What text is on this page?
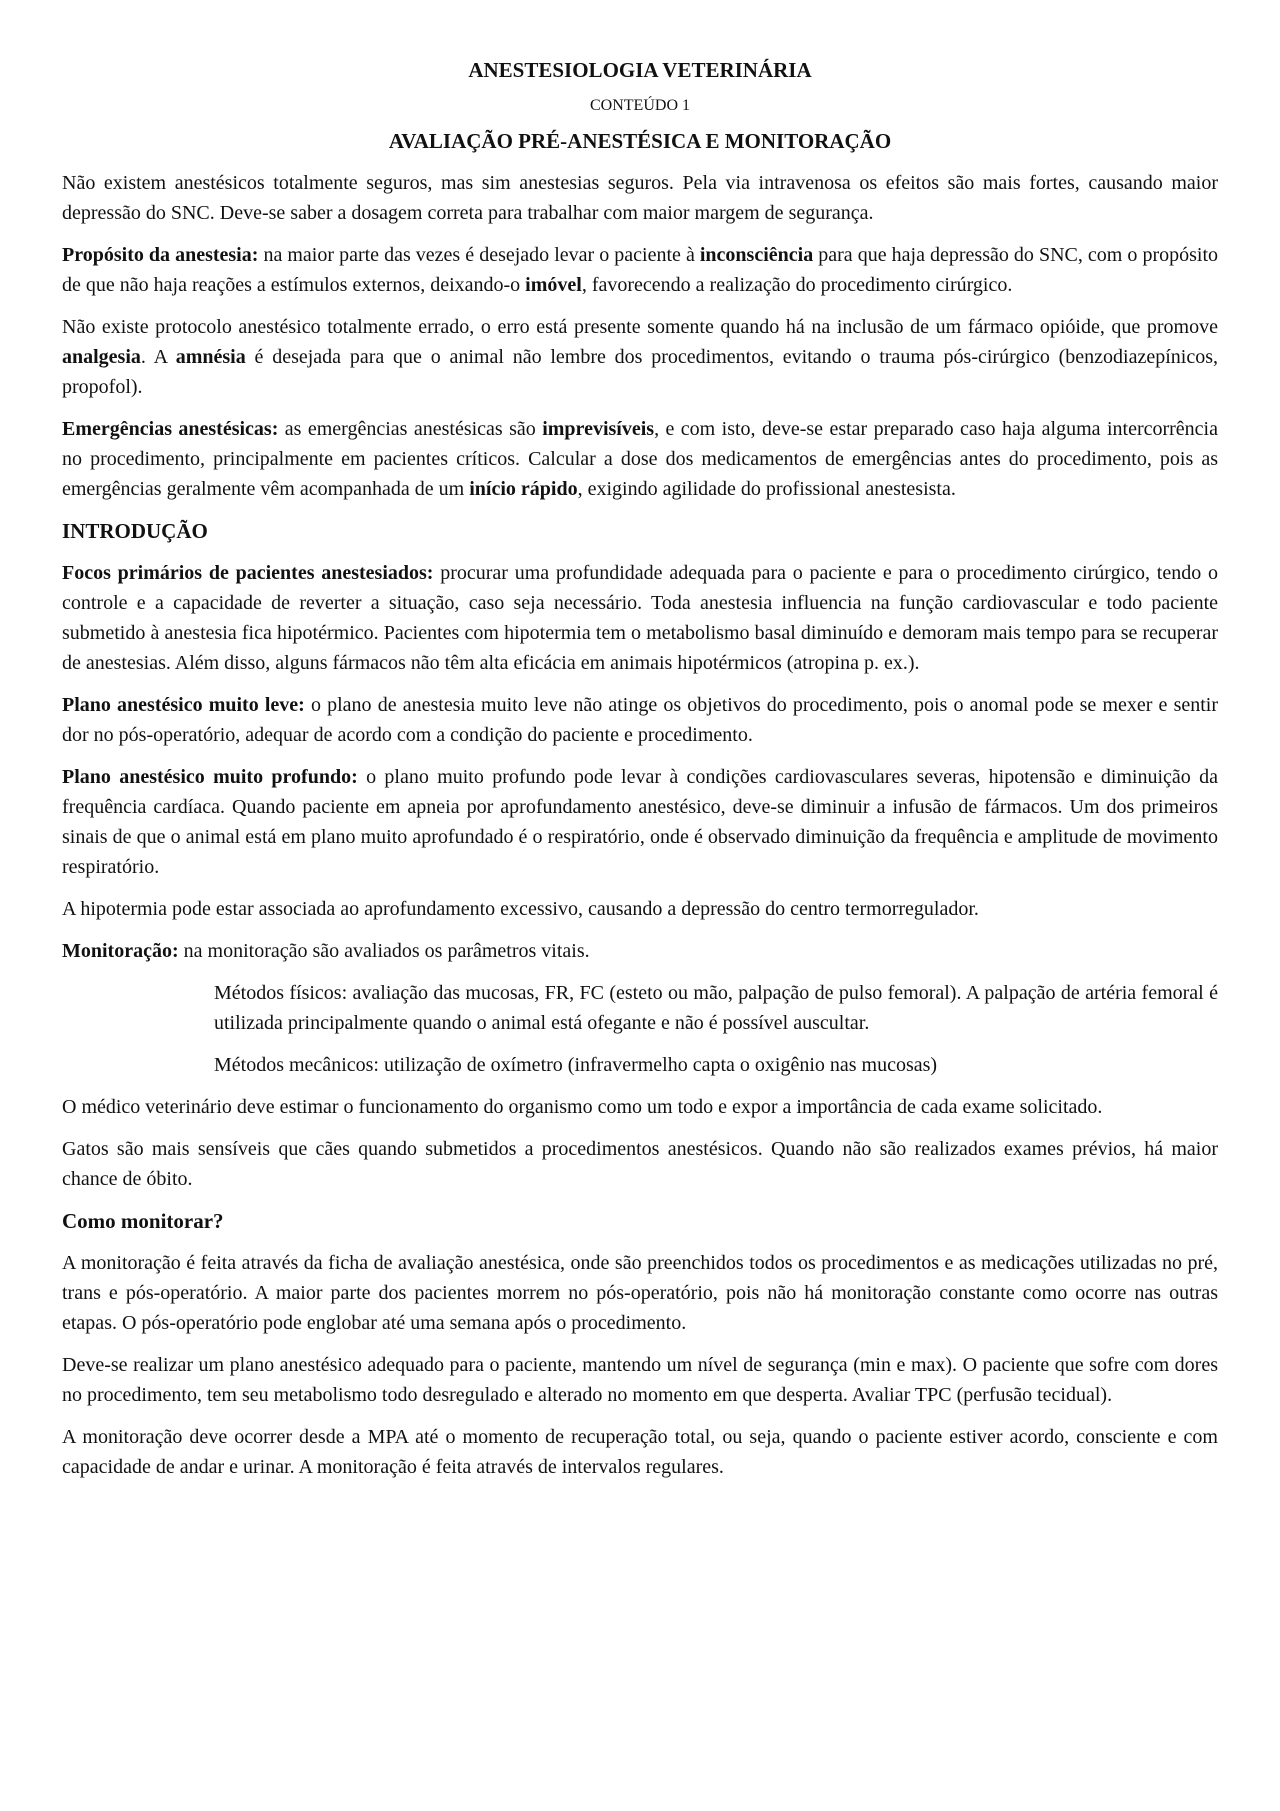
ANESTESIOLOGIA VETERINÁRIA
CONTEÚDO 1
AVALIAÇÃO PRÉ-ANESTÉSICA E MONITORAÇÃO

Não existem anestésicos totalmente seguros, mas sim anestesias seguros. Pela via intravenosa os efeitos são mais fortes, causando maior depressão do SNC. Deve-se saber a dosagem correta para trabalhar com maior margem de segurança.

Propósito da anestesia: na maior parte das vezes é desejado levar o paciente à inconsciência para que haja depressão do SNC, com o propósito de que não haja reações a estímulos externos, deixando-o imóvel, favorecendo a realização do procedimento cirúrgico.

Não existe protocolo anestésico totalmente errado, o erro está presente somente quando há na inclusão de um fármaco opióide, que promove analgesia. A amnésia é desejada para que o animal não lembre dos procedimentos, evitando o trauma pós-cirúrgico (benzodiazepínicos, propofol).

Emergências anestésicas: as emergências anestésicas são imprevisíveis, e com isto, deve-se estar preparado caso haja alguma intercorrência no procedimento, principalmente em pacientes críticos. Calcular a dose dos medicamentos de emergências antes do procedimento, pois as emergências geralmente vêm acompanhada de um início rápido, exigindo agilidade do profissional anestesista.

INTRODUÇÃO

Focos primários de pacientes anestesiados: procurar uma profundidade adequada para o paciente e para o procedimento cirúrgico, tendo o controle e a capacidade de reverter a situação, caso seja necessário. Toda anestesia influencia na função cardiovascular e todo paciente submetido à anestesia fica hipotérmico. Pacientes com hipotermia tem o metabolismo basal diminuído e demoram mais tempo para se recuperar de anestesias. Além disso, alguns fármacos não têm alta eficácia em animais hipotérmicos (atropina p. ex.).

Plano anestésico muito leve: o plano de anestesia muito leve não atinge os objetivos do procedimento, pois o anomal pode se mexer e sentir dor no pós-operatório, adequar de acordo com a condição do paciente e procedimento.

Plano anestésico muito profundo: o plano muito profundo pode levar à condições cardiovasculares severas, hipotensão e diminuição da frequência cardíaca. Quando paciente em apneia por aprofundamento anestésico, deve-se diminuir a infusão de fármacos. Um dos primeiros sinais de que o animal está em plano muito aprofundado é o respiratório, onde é observado diminuição da frequência e amplitude de movimento respiratório.

A hipotermia pode estar associada ao aprofundamento excessivo, causando a depressão do centro termorregulador.

Monitoração: na monitoração são avaliados os parâmetros vitais.

Métodos físicos: avaliação das mucosas, FR, FC (esteto ou mão, palpação de pulso femoral). A palpação de artéria femoral é utilizada principalmente quando o animal está ofegante e não é possível auscultar.

Métodos mecânicos: utilização de oxímetro (infravermelho capta o oxigênio nas mucosas)

O médico veterinário deve estimar o funcionamento do organismo como um todo e expor a importância de cada exame solicitado.

Gatos são mais sensíveis que cães quando submetidos a procedimentos anestésicos. Quando não são realizados exames prévios, há maior chance de óbito.

Como monitorar?

A monitoração é feita através da ficha de avaliação anestésica, onde são preenchidos todos os procedimentos e as medicações utilizadas no pré, trans e pós-operatório. A maior parte dos pacientes morrem no pós-operatório, pois não há monitoração constante como ocorre nas outras etapas. O pós-operatório pode englobar até uma semana após o procedimento.

Deve-se realizar um plano anestésico adequado para o paciente, mantendo um nível de segurança (min e max). O paciente que sofre com dores no procedimento, tem seu metabolismo todo desregulado e alterado no momento em que desperta. Avaliar TPC (perfusão tecidual).

A monitoração deve ocorrer desde a MPA até o momento de recuperação total, ou seja, quando o paciente estiver acordo, consciente e com capacidade de andar e urinar. A monitoração é feita através de intervalos regulares.
